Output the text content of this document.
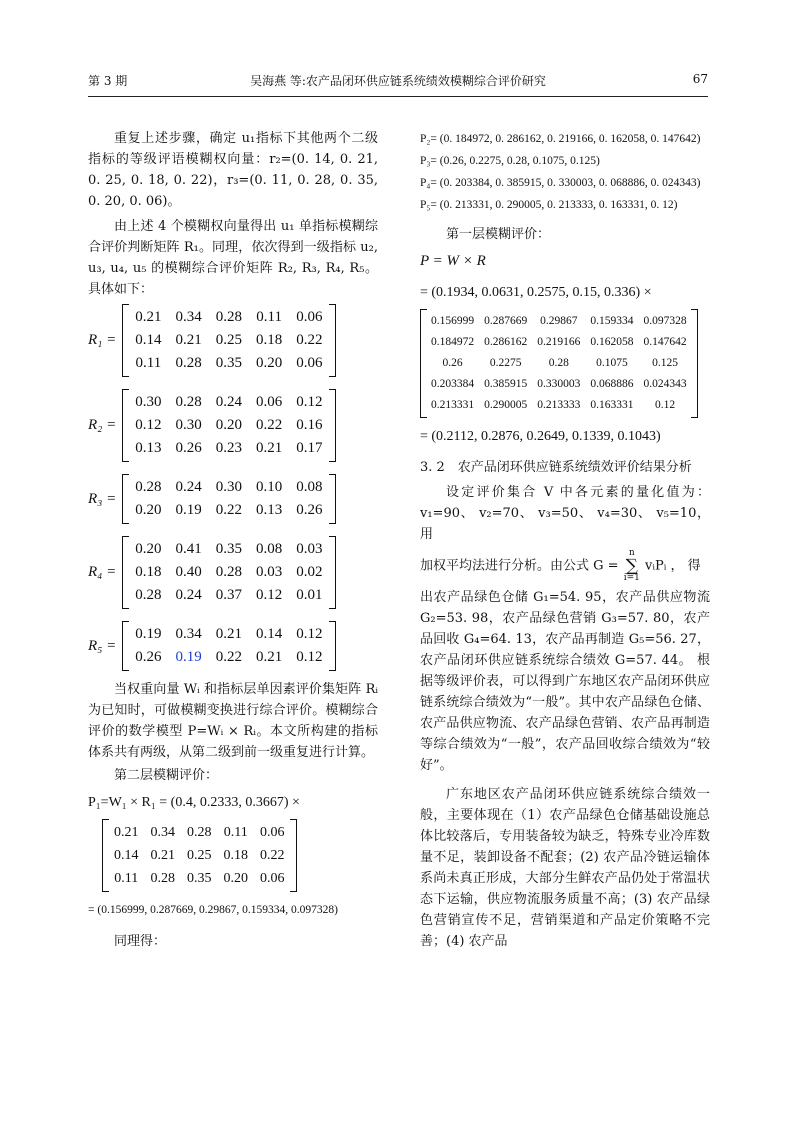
第 3 期	吴海燕 等:农产品闭环供应链系统绩效模糊综合评价研究	67

重复上述步骤，确定 u₁指标下其他两个二级指标的等级评语模糊权向量：r₂=(0. 14, 0. 21, 0. 25, 0. 18, 0. 22)，r₃=(0. 11, 0. 28, 0. 35, 0. 20, 0. 06)。

由上述 4 个模糊权向量得出 u₁ 单指标模糊综合评价判断矩阵 R₁。同理，依次得到一级指标 u₂, u₃, u₄, u₅ 的模糊综合评价矩阵 R₂, R₃, R₄, R₅。具体如下：

R₁ =
0.21	0.34	0.28	0.11	0.06
0.14	0.21	0.25	0.18	0.22
0.11	0.28	0.35	0.20	0.06
R₂ =
0.30	0.28	0.24	0.06	0.12
0.12	0.30	0.20	0.22	0.16
0.13	0.26	0.23	0.21	0.17
R₃ =
0.28	0.24	0.30	0.10	0.08
0.20	0.19	0.22	0.13	0.26
R₄ =
0.20	0.41	0.35	0.08	0.03
0.18	0.40	0.28	0.03	0.02
0.28	0.24	0.37	0.12	0.01
R₅ =
0.19	0.34	0.21	0.14	0.12
0.26	0.19	0.22	0.21	0.12

当权重向量 Wᵢ 和指标层单因素评价集矩阵 Rᵢ 为已知时，可做模糊变换进行综合评价。模糊综合评价的数学模型 P=Wᵢ × Rᵢ。本文所构建的指标体系共有两级，从第二级到前一级重复进行计算。

第二层模糊评价：

P₁=W₁ × R₁ = (0.4, 0.2333, 0.3667) ×
0.21	0.34	0.28	0.11	0.06
0.14	0.21	0.25	0.18	0.22
0.11	0.28	0.35	0.20	0.06
= (0.156999, 0.287669, 0.29867, 0.159334, 0.097328)

同理得：

P₂= (0. 184972, 0. 286162, 0. 219166, 0. 162058, 0. 147642)
P₃= (0.26, 0.2275, 0.28, 0.1075, 0.125)
P₄= (0. 203384, 0. 385915, 0. 330003, 0. 068886, 0. 024343)
P₅= (0. 213331, 0. 290005, 0. 213333, 0. 163331, 0. 12)

第一层模糊评价：

P = W × R
= (0.1934, 0.0631, 0.2575, 0.15, 0.336) ×
0.156999	0.287669	0.29867	0.159334	0.097328
0.184972	0.286162	0.219166	0.162058	0.147642
0.26	0.2275	0.28	0.1075	0.125
0.203384	0.385915	0.330003	0.068886	0.024343
0.213331	0.290005	0.213333	0.163331	0.12
= (0.2112, 0.2876, 0.2649, 0.1339, 0.1043)

3. 2　农产品闭环供应链系统绩效评价结果分析

设定评价集合 V 中各元素的量化值为：v₁=90、 v₂=70、 v₃=50、 v₄=30、 v₅=10，用

加权平均法进行分析。由公式 G =
n
∑
i=1
vᵢPᵢ ， 得

出农产品绿色仓储 G₁=54. 95，农产品供应物流 G₂=53. 98，农产品绿色营销 G₃=57. 80，农产品回收 G₄=64. 13，农产品再制造 G₅=56. 27，农产品闭环供应链系统综合绩效 G=57. 44。 根据等级评价表，可以得到广东地区农产品闭环供应链系统综合绩效为“一般”。其中农产品绿色仓储、农产品供应物流、农产品绿色营销、农产品再制造等综合绩效为“一般”，农产品回收综合绩效为“较好”。

广东地区农产品闭环供应链系统综合绩效一般，主要体现在（1）农产品绿色仓储基础设施总体比较落后，专用装备较为缺乏，特殊专业冷库数量不足，装卸设备不配套；(2) 农产品冷链运输体系尚未真正形成，大部分生鲜农产品仍处于常温状态下运输，供应物流服务质量不高；(3) 农产品绿色营销宣传不足，营销渠道和产品定价策略不完善；(4) 农产品
